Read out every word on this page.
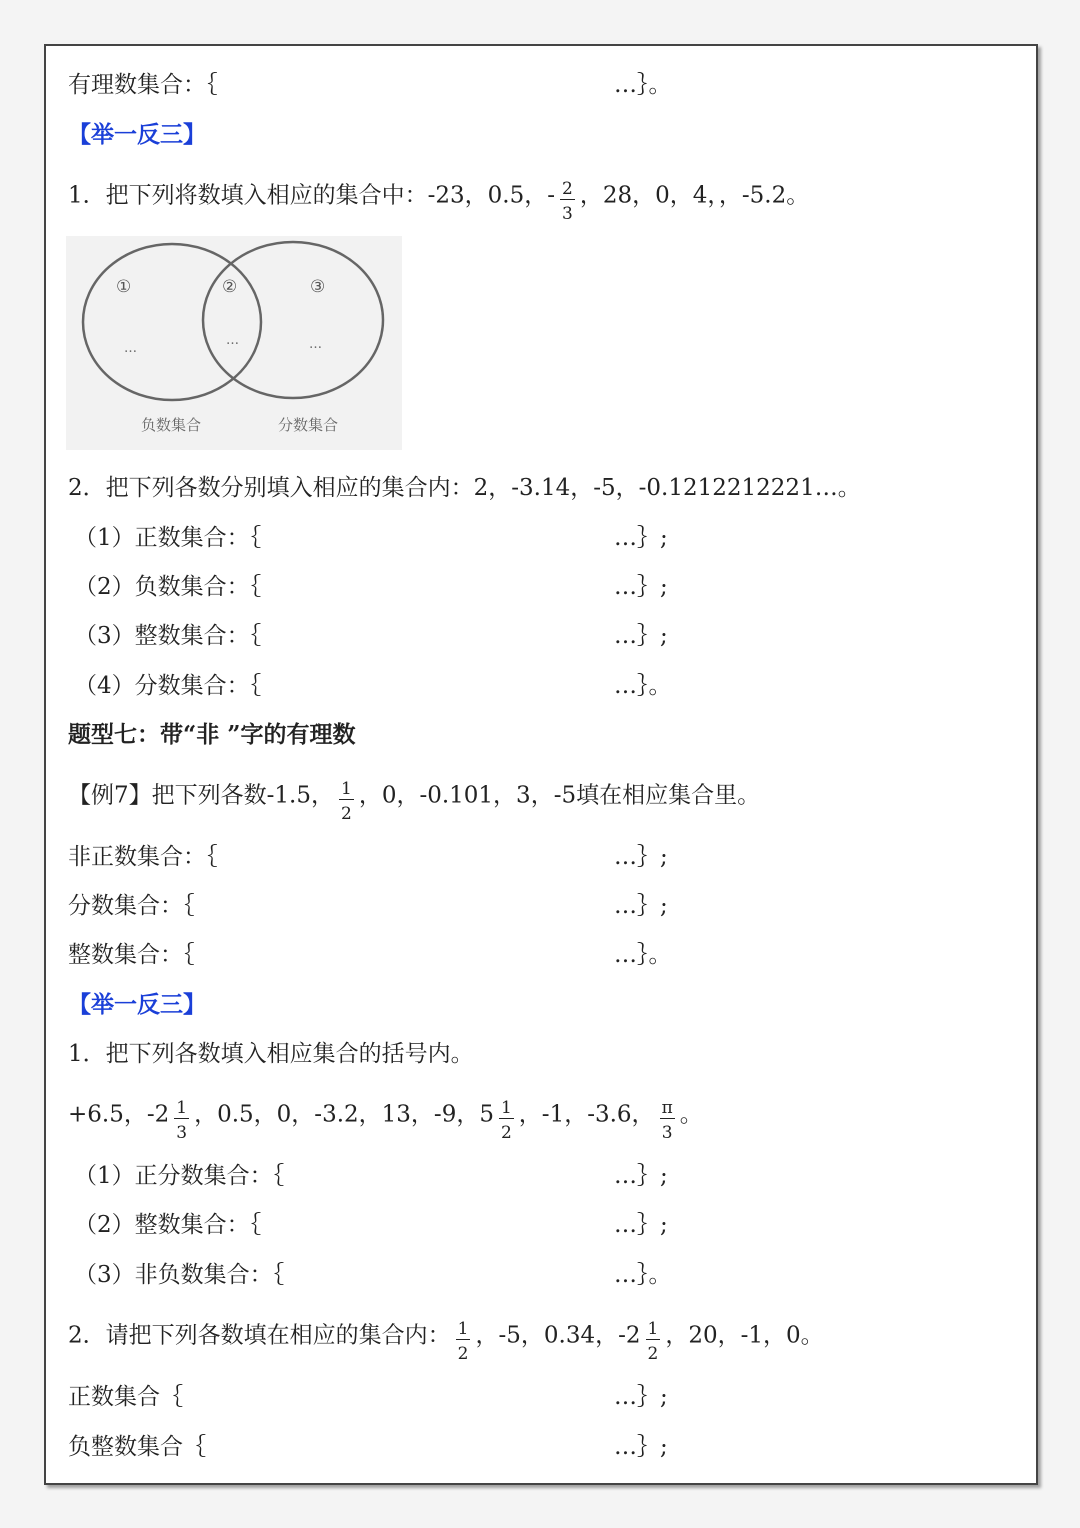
有理数集合：｛	…｝。
【举一反三】
1．把下列将数填入相应的集合中：-23，0.5，- $\frac{2}{3}$ ，28，0，4，，-5.2。
①	②	③
…
…	…
负数集合	分数集合
2．把下列各数分别填入相应的集合内：2，-3.14，-5，-0.1212212221…。
（1）正数集合：｛	…｝;
（2）负数集合：｛	…｝;
（3）整数集合：｛	…｝;
（4）分数集合：｛	…｝。
题型七：带“非 ”字的有理数
【例7】把下列各数-1.5， $\frac{1}{2}$ ，0，-0.101，3，-5填在相应集合里。
非正数集合：｛	…｝;
分数集合：｛	…｝;
整数集合：｛	…｝。
【举一反三】
1．把下列各数填入相应集合的括号内。
+6.5，$-2 \frac{1}{3}$ ，0.5，0，-3.2，13，-9，$5 \frac{1}{2}$ ，-1，-3.6， $\frac{\pi}{3}$ 。
（1）正分数集合：｛	…｝;
（2）整数集合：｛	…｝;
（3）非负数集合：｛	…｝。
2．请把下列各数填在相应的集合内： $\frac{1}{2}$ ，-5，0.34，$-2 \frac{1}{2}$ ，20，-1，0。
正数集合｛	…｝;
负整数集合｛	…｝;
